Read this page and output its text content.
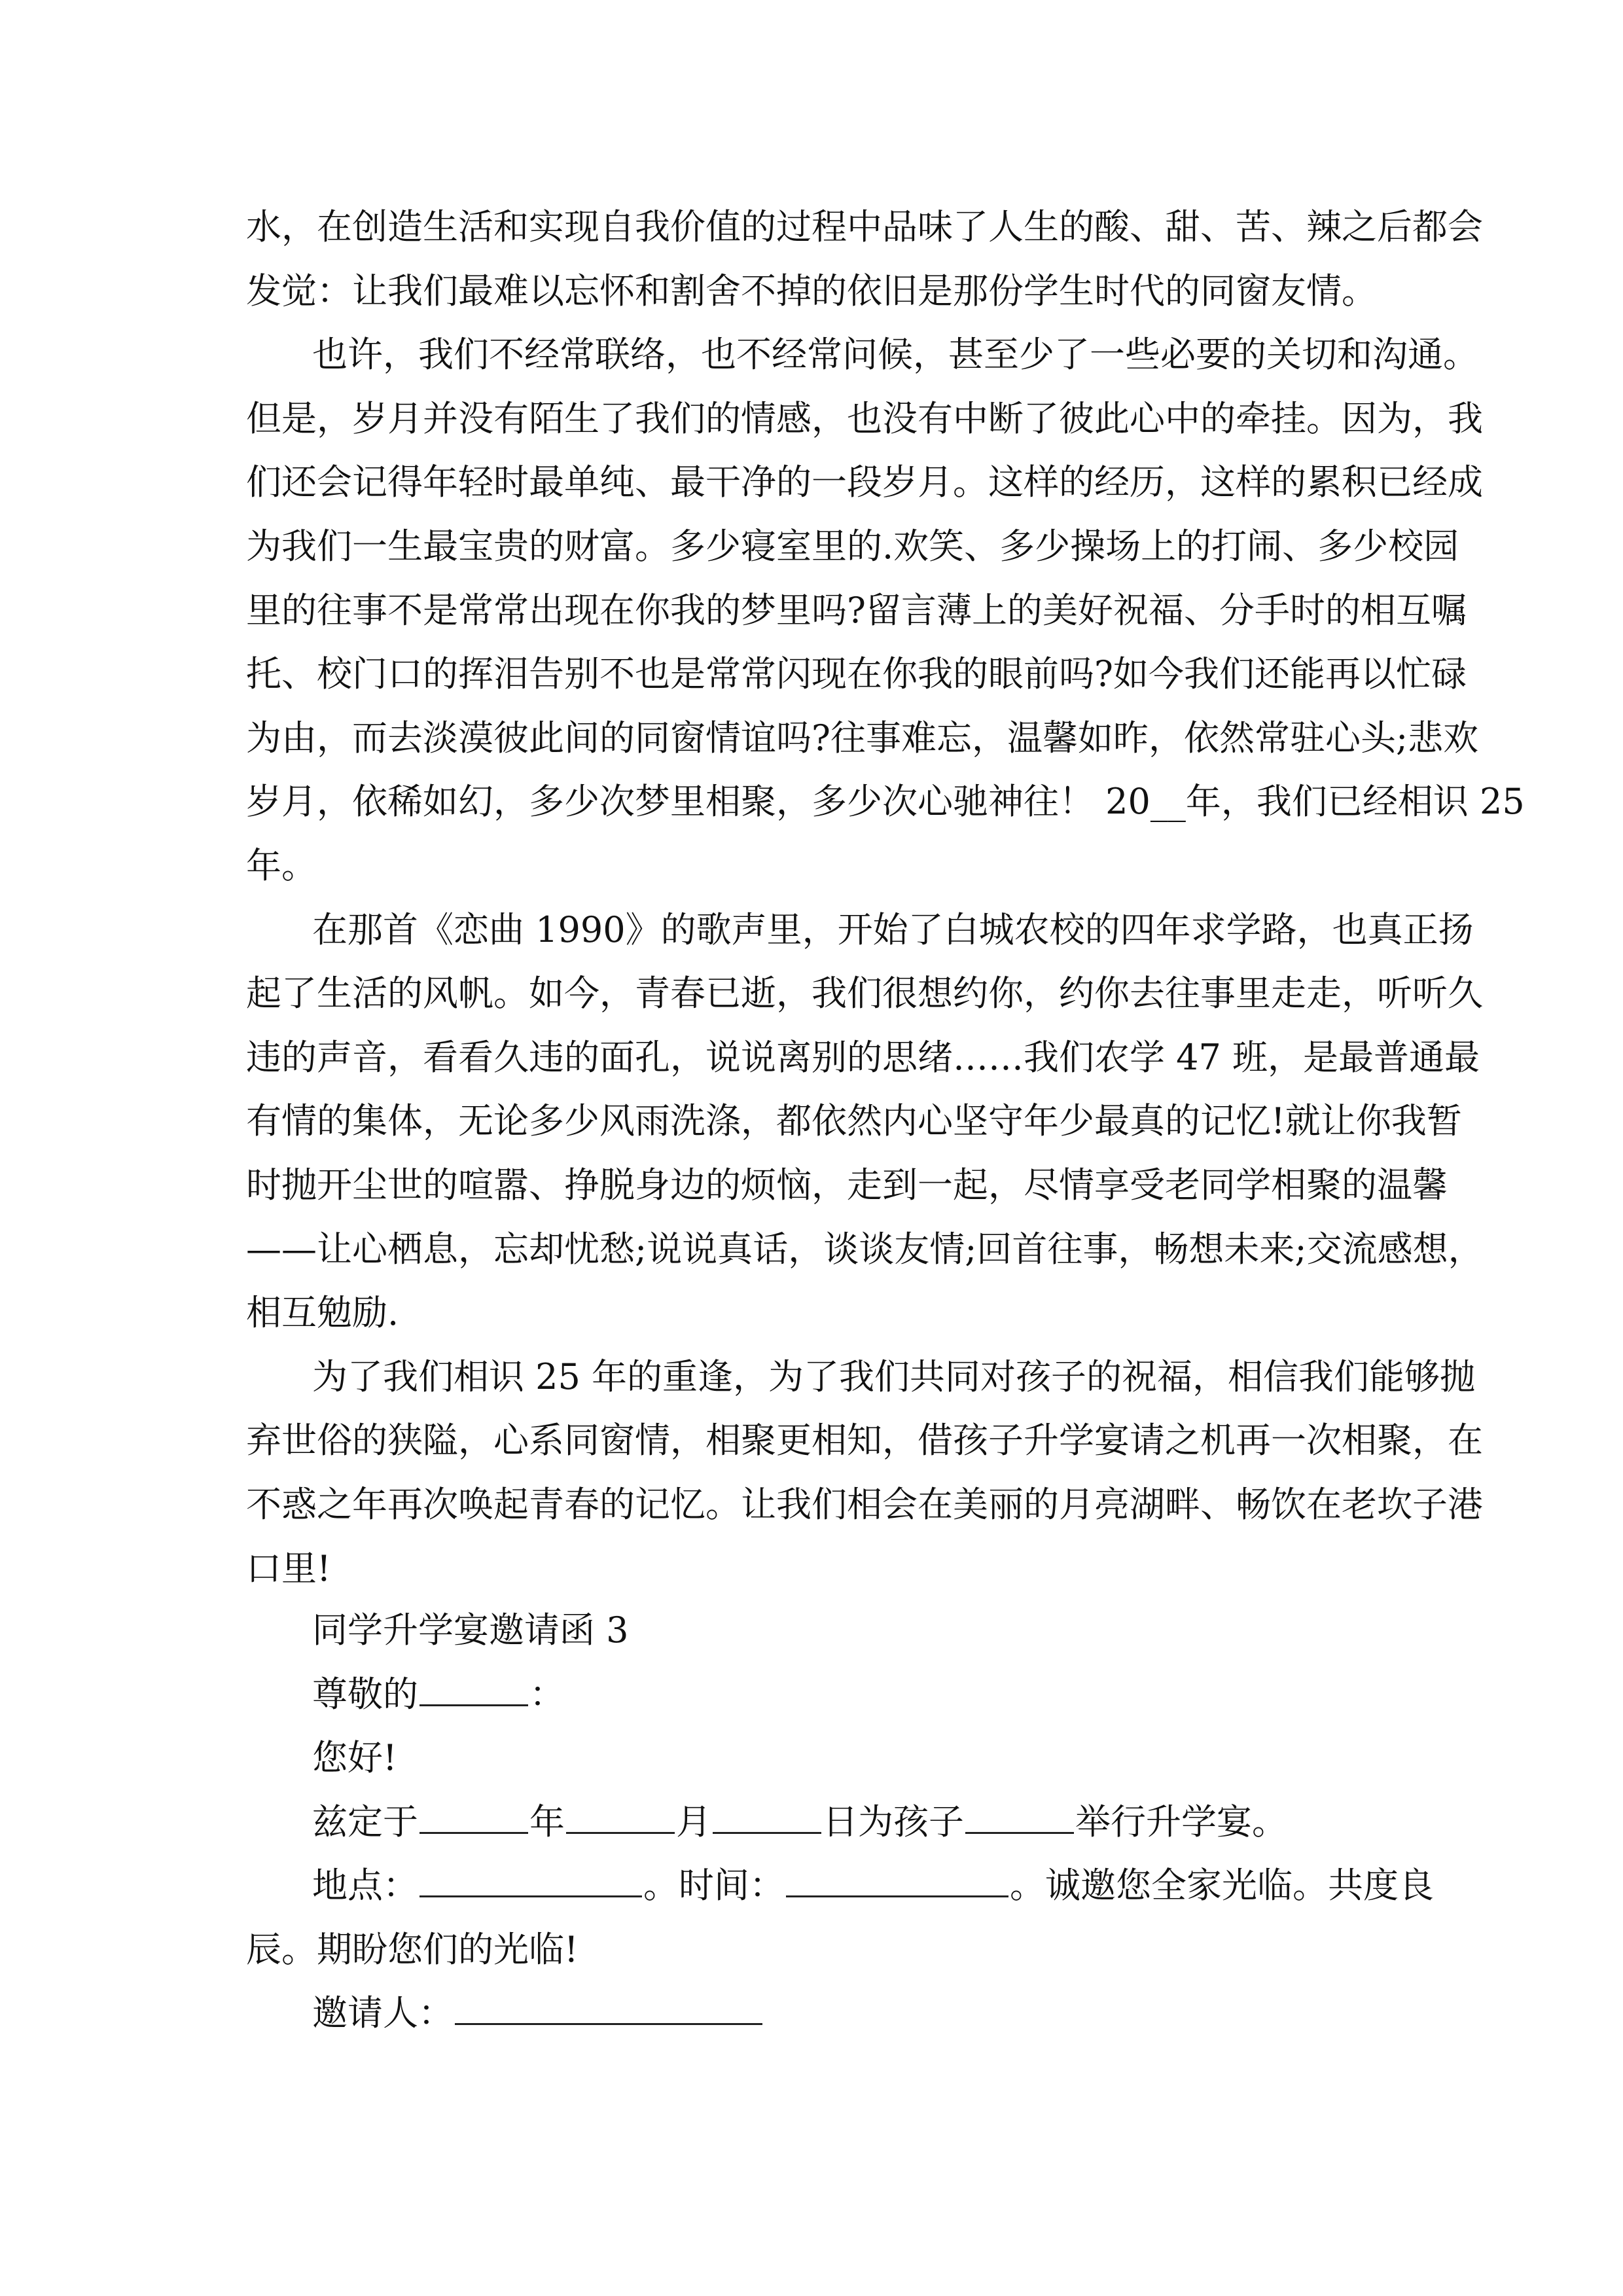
水，在创造生活和实现自我价值的过程中品味了人生的酸、甜、苦、辣之后都会
发觉：让我们最难以忘怀和割舍不掉的依旧是那份学生时代的同窗友情。
也许，我们不经常联络，也不经常问候，甚至少了一些必要的关切和沟通。
但是，岁月并没有陌生了我们的情感，也没有中断了彼此心中的牵挂。因为，我
们还会记得年轻时最单纯、最干净的一段岁月。这样的经历，这样的累积已经成
为我们一生最宝贵的财富。多少寝室里的.欢笑、多少操场上的打闹、多少校园
里的往事不是常常出现在你我的梦里吗?留言薄上的美好祝福、分手时的相互嘱
托、校门口的挥泪告别不也是常常闪现在你我的眼前吗?如今我们还能再以忙碌
为由，而去淡漠彼此间的同窗情谊吗?往事难忘，温馨如昨，依然常驻心头;悲欢
岁月，依稀如幻，多少次梦里相聚，多少次心驰神往！ 20__年，我们已经相识 25
年。
在那首《恋曲 1990》的歌声里，开始了白城农校的四年求学路，也真正扬
起了生活的风帆。如今，青春已逝，我们很想约你，约你去往事里走走，听听久
违的声音，看看久违的面孔，说说离别的思绪……我们农学 47 班，是最普通最
有情的集体，无论多少风雨洗涤，都依然内心坚守年少最真的记忆!就让你我暂
时抛开尘世的喧嚣、挣脱身边的烦恼，走到一起，尽情享受老同学相聚的温馨
——让心栖息，忘却忧愁;说说真话，谈谈友情;回首往事，畅想未来;交流感想，
相互勉励.
为了我们相识 25 年的重逢，为了我们共同对孩子的祝福，相信我们能够抛
弃世俗的狭隘，心系同窗情，相聚更相知，借孩子升学宴请之机再一次相聚，在
不惑之年再次唤起青春的记忆。让我们相会在美丽的月亮湖畔、畅饮在老坎子港
口里!
同学升学宴邀请函 3
尊敬的	：
您好!
兹定于	年	月	日为孩子	举行升学宴。
地点：	。时间：	。诚邀您全家光临。共度良
辰。期盼您们的光临!
邀请人：
